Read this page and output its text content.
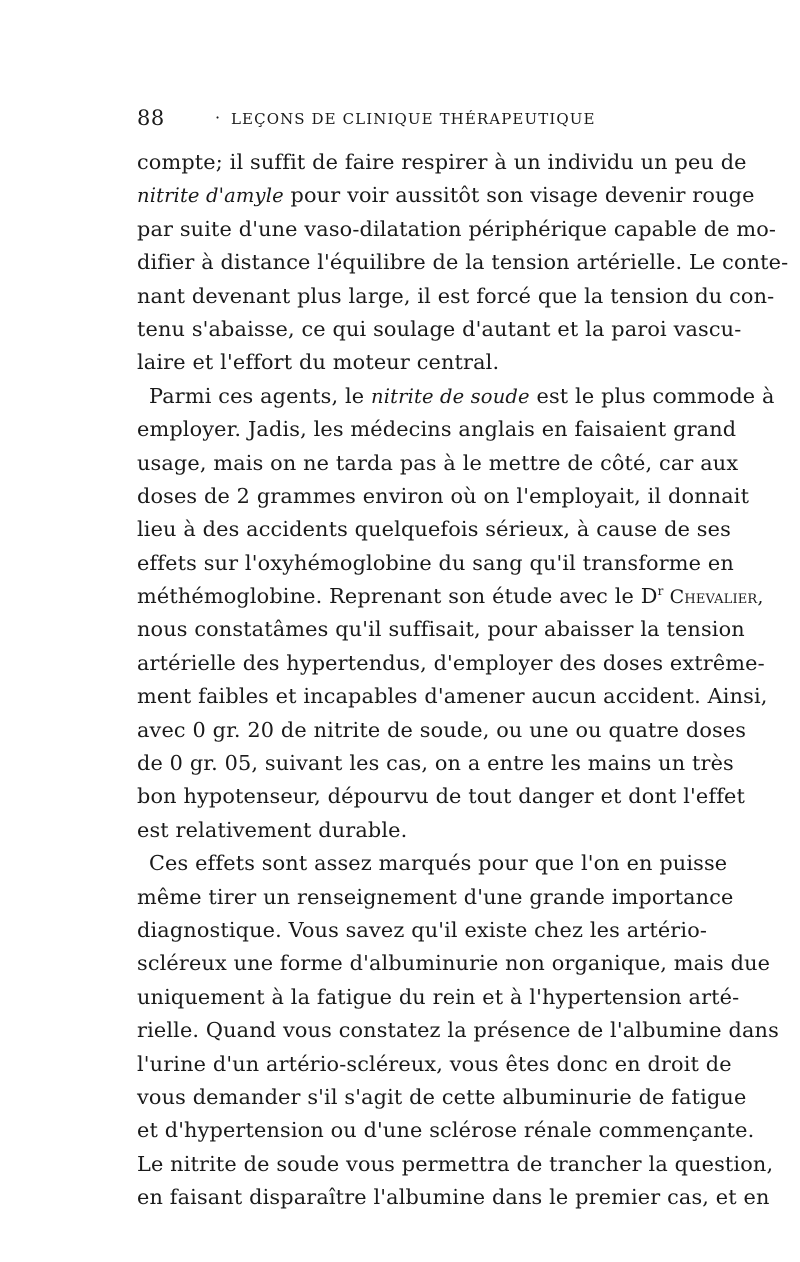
88	· LEÇONS DE CLINIQUE THÉRAPEUTIQUE
compte; il suffit de faire respirer à un individu un peu de
nitrite d'amyle pour voir aussitôt son visage devenir rouge
par suite d'une vaso-dilatation périphérique capable de mo-
difier à distance l'équilibre de la tension artérielle. Le conte-
nant devenant plus large, il est forcé que la tension du con-
tenu s'abaisse, ce qui soulage d'autant et la paroi vascu-
laire et l'effort du moteur central.
Parmi ces agents, le nitrite de soude est le plus commode à
employer. Jadis, les médecins anglais en faisaient grand
usage, mais on ne tarda pas à le mettre de côté, car aux
doses de 2 grammes environ où on l'employait, il donnait
lieu à des accidents quelquefois sérieux, à cause de ses
effets sur l'oxyhémoglobine du sang qu'il transforme en
méthémoglobine. Reprenant son étude avec le $D^r$ Chevalier,
nous constatâmes qu'il suffisait, pour abaisser la tension
artérielle des hypertendus, d'employer des doses extrême-
ment faibles et incapables d'amener aucun accident. Ainsi,
avec 0 gr. 20 de nitrite de soude, ou une ou quatre doses
de 0 gr. 05, suivant les cas, on a entre les mains un très
bon hypotenseur, dépourvu de tout danger et dont l'effet
est relativement durable.
Ces effets sont assez marqués pour que l'on en puisse
même tirer un renseignement d'une grande importance
diagnostique. Vous savez qu'il existe chez les artério-
scléreux une forme d'albuminurie non organique, mais due
uniquement à la fatigue du rein et à l'hypertension arté-
rielle. Quand vous constatez la présence de l'albumine dans
l'urine d'un artério-scléreux, vous êtes donc en droit de
vous demander s'il s'agit de cette albuminurie de fatigue
et d'hypertension ou d'une sclérose rénale commençante.
Le nitrite de soude vous permettra de trancher la question,
en faisant disparaître l'albumine dans le premier cas, et en
